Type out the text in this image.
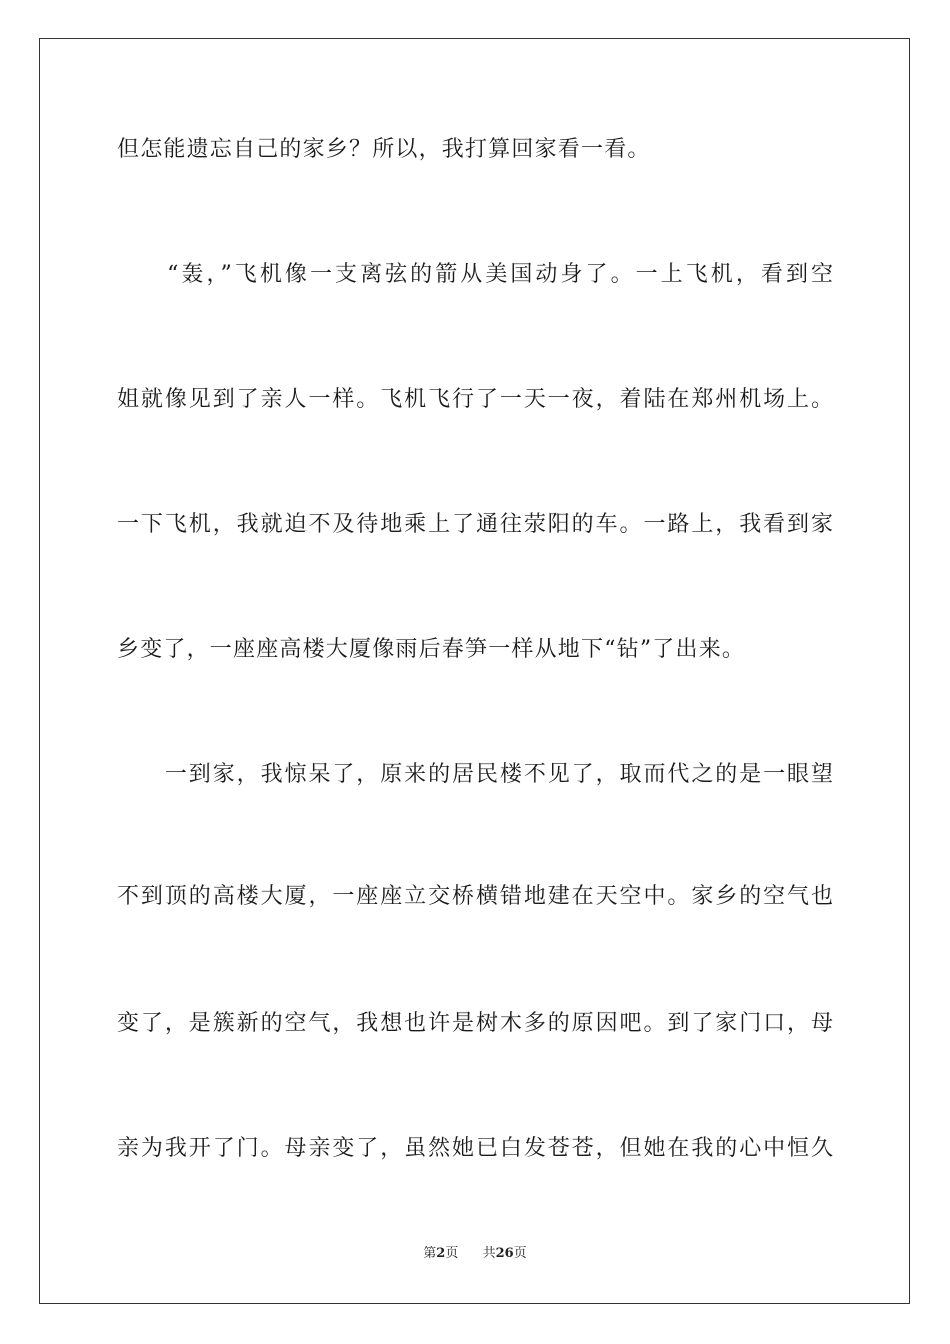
但怎能遗忘自己的家乡？所以，我打算回家看一看。
　　“轰，”飞机像一支离弦的箭从美国动身了。一上飞机，看到空
姐就像见到了亲人一样。飞机飞行了一天一夜，着陆在郑州机场上。
一下飞机，我就迫不及待地乘上了通往荥阳的车。一路上，我看到家
乡变了，一座座高楼大厦像雨后春笋一样从地下“钻”了出来。
　　一到家，我惊呆了，原来的居民楼不见了，取而代之的是一眼望
不到顶的高楼大厦，一座座立交桥横错地建在天空中。家乡的空气也
变了，是簇新的空气，我想也许是树木多的原因吧。到了家门口，母
亲为我开了门。母亲变了，虽然她已白发苍苍，但她在我的心中恒久
第2页 共26页
